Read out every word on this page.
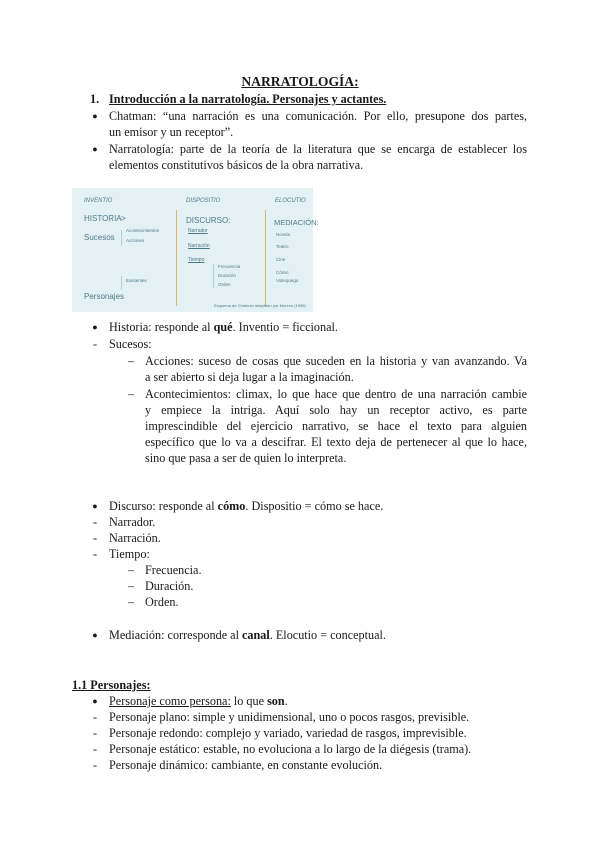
NARRATOLOGÍA:
1. Introducción a la narratología. Personajes y actantes.
● Chatman: “una narración es una comunicación. Por ello, presupone dos partes,
un emisor y un receptor”.
● Narratología: parte de la teoría de la literatura que se encarga de establecer los
elementos constitutivos básicos de la obra narrativa.
INVENTIO
HISTORIA >
Sucesos
Acontecimientos
Acciones
Existentes
Personajes
DISPOSITIO
DISCURSO:
Narrador
Narración
Tiempo
Frecuencia
Duración
Orden
ELOCUTIO
MEDIACIÓN:
Novela
Teatro
Cine
Cómic
Videojuego
Esquema de Chatman adaptado por Moreno (1996)
● Historia: responde al qué. Inventio = ficcional.
- Sucesos:
– Acciones: suceso de cosas que suceden en la historia y van avanzando. Va
a ser abierto si deja lugar a la imaginación.
– Acontecimientos: climax, lo que hace que dentro de una narración cambie
y empiece la intriga. Aquí solo hay un receptor activo, es parte
imprescindible del ejercicio narrativo, se hace el texto para alguien
específico que lo va a descifrar. El texto deja de pertenecer al que lo hace,
sino que pasa a ser de quien lo interpreta.
● Discurso: responde al cómo. Dispositio = cómo se hace.
- Narrador.
- Narración.
- Tiempo:
– Frecuencia.
– Duración.
– Orden.
● Mediación: corresponde al canal. Elocutio = conceptual.
1.1 Personajes:
● Personaje como persona: lo que son.
- Personaje plano: simple y unidimensional, uno o pocos rasgos, previsible.
- Personaje redondo: complejo y variado, variedad de rasgos, imprevisible.
- Personaje estático: estable, no evoluciona a lo largo de la diégesis (trama).
- Personaje dinámico: cambiante, en constante evolución.
